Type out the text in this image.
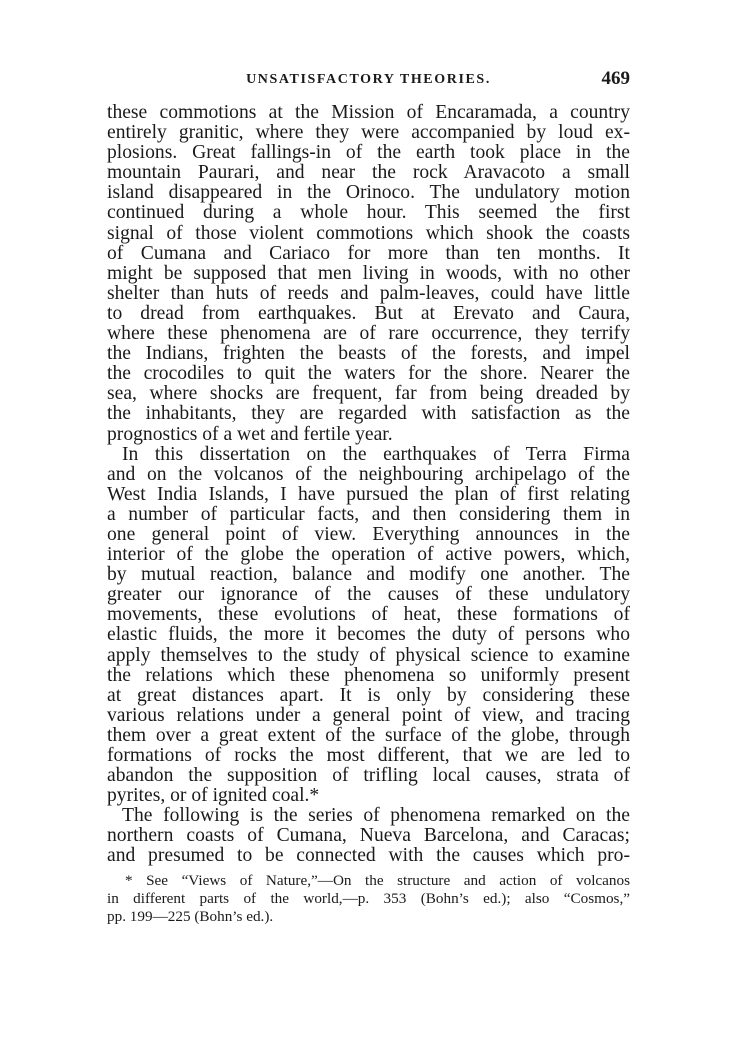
UNSATISFACTORY THEORIES.	469
these commotions at the Mission of Encaramada, a country
entirely granitic, where they were accompanied by loud ex-
plosions. Great fallings-in of the earth took place in the
mountain Paurari, and near the rock Aravacoto a small
island disappeared in the Orinoco. The undulatory motion
continued during a whole hour. This seemed the first
signal of those violent commotions which shook the coasts
of Cumana and Cariaco for more than ten months. It
might be supposed that men living in woods, with no other
shelter than huts of reeds and palm-leaves, could have little
to dread from earthquakes. But at Erevato and Caura,
where these phenomena are of rare occurrence, they terrify
the Indians, frighten the beasts of the forests, and impel
the crocodiles to quit the waters for the shore. Nearer the
sea, where shocks are frequent, far from being dreaded by
the inhabitants, they are regarded with satisfaction as the
prognostics of a wet and fertile year.
In this dissertation on the earthquakes of Terra Firma
and on the volcanos of the neighbouring archipelago of the
West India Islands, I have pursued the plan of first relating
a number of particular facts, and then considering them in
one general point of view. Everything announces in the
interior of the globe the operation of active powers, which,
by mutual reaction, balance and modify one another. The
greater our ignorance of the causes of these undulatory
movements, these evolutions of heat, these formations of
elastic fluids, the more it becomes the duty of persons who
apply themselves to the study of physical science to examine
the relations which these phenomena so uniformly present
at great distances apart. It is only by considering these
various relations under a general point of view, and tracing
them over a great extent of the surface of the globe, through
formations of rocks the most different, that we are led to
abandon the supposition of trifling local causes, strata of
pyrites, or of ignited coal.*
The following is the series of phenomena remarked on the
northern coasts of Cumana, Nueva Barcelona, and Caracas;
and presumed to be connected with the causes which pro-
* See “Views of Nature,”—On the structure and action of volcanos
in different parts of the world,—p. 353 (Bohn’s ed.); also “Cosmos,”
pp. 199—225 (Bohn’s ed.).
